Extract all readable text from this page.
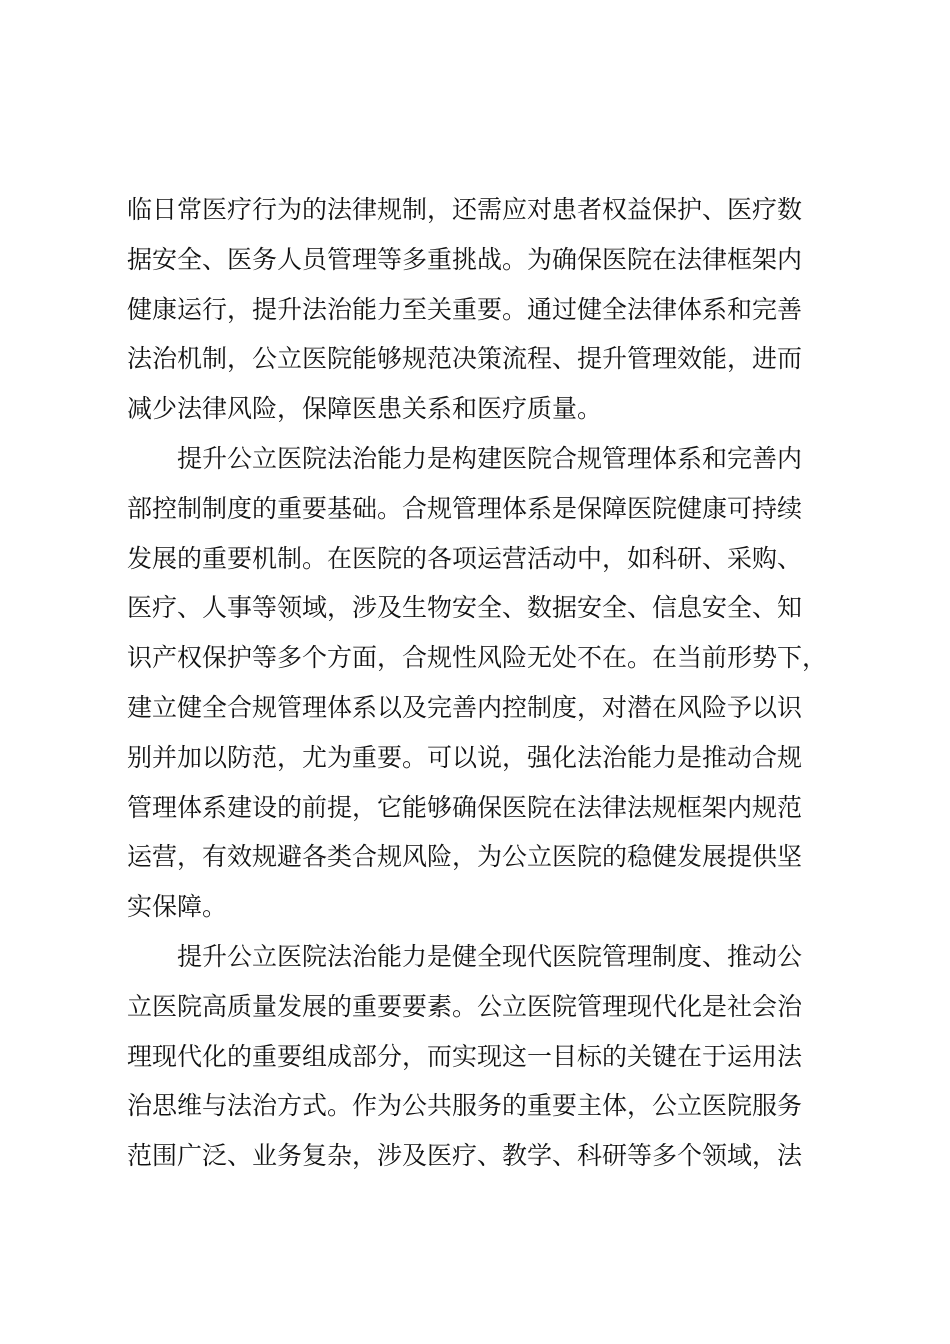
临日常医疗行为的法律规制，还需应对患者权益保护、医疗数
据安全、医务人员管理等多重挑战。为确保医院在法律框架内
健康运行，提升法治能力至关重要。通过健全法律体系和完善
法治机制，公立医院能够规范决策流程、提升管理效能，进而
减少法律风险，保障医患关系和医疗质量。
提升公立医院法治能力是构建医院合规管理体系和完善内
部控制制度的重要基础。合规管理体系是保障医院健康可持续
发展的重要机制。在医院的各项运营活动中，如科研、采购、
医疗、人事等领域，涉及生物安全、数据安全、信息安全、知
识产权保护等多个方面，合规性风险无处不在。在当前形势下，
建立健全合规管理体系以及完善内控制度，对潜在风险予以识
别并加以防范，尤为重要。可以说，强化法治能力是推动合规
管理体系建设的前提，它能够确保医院在法律法规框架内规范
运营，有效规避各类合规风险，为公立医院的稳健发展提供坚
实保障。
提升公立医院法治能力是健全现代医院管理制度、推动公
立医院高质量发展的重要要素。公立医院管理现代化是社会治
理现代化的重要组成部分，而实现这一目标的关键在于运用法
治思维与法治方式。作为公共服务的重要主体，公立医院服务
范围广泛、业务复杂，涉及医疗、教学、科研等多个领域，法
